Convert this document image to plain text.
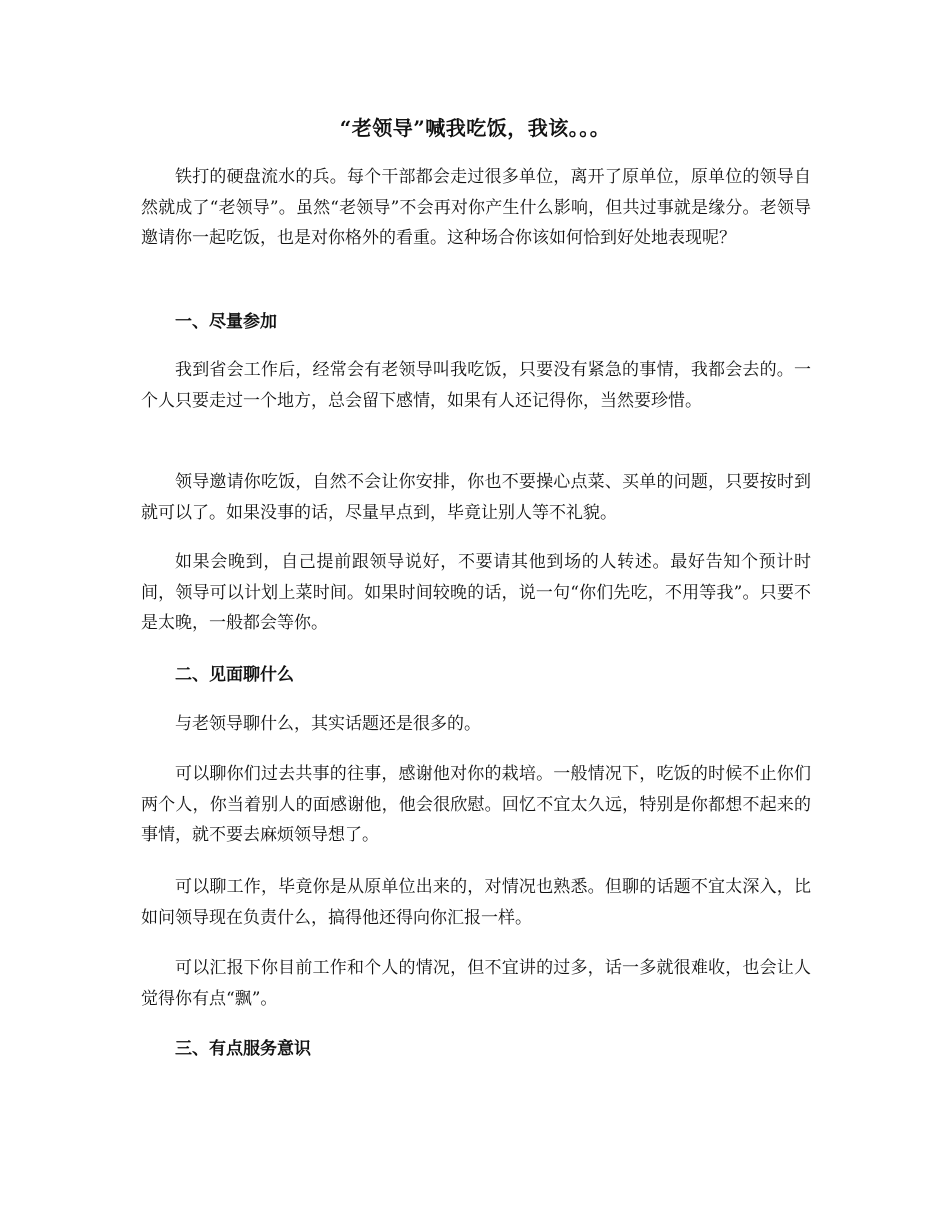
“老领导”喊我吃饭，我该。。。

铁打的硬盘流水的兵。每个干部都会走过很多单位，离开了原单位，原单位的领导自然就成了“老领导”。虽然“老领导”不会再对你产生什么影响，但共过事就是缘分。老领导邀请你一起吃饭，也是对你格外的看重。这种场合你该如何恰到好处地表现呢？

一、尽量参加

我到省会工作后，经常会有老领导叫我吃饭，只要没有紧急的事情，我都会去的。一个人只要走过一个地方，总会留下感情，如果有人还记得你，当然要珍惜。

领导邀请你吃饭，自然不会让你安排，你也不要操心点菜、买单的问题，只要按时到就可以了。如果没事的话，尽量早点到，毕竟让别人等不礼貌。

如果会晚到，自己提前跟领导说好，不要请其他到场的人转述。最好告知个预计时间，领导可以计划上菜时间。如果时间较晚的话，说一句“你们先吃，不用等我”。只要不是太晚，一般都会等你。

二、见面聊什么

与老领导聊什么，其实话题还是很多的。

可以聊你们过去共事的往事，感谢他对你的栽培。一般情况下，吃饭的时候不止你们两个人，你当着别人的面感谢他，他会很欣慰。回忆不宜太久远，特别是你都想不起来的事情，就不要去麻烦领导想了。

可以聊工作，毕竟你是从原单位出来的，对情况也熟悉。但聊的话题不宜太深入，比如问领导现在负责什么，搞得他还得向你汇报一样。

可以汇报下你目前工作和个人的情况，但不宜讲的过多，话一多就很难收，也会让人觉得你有点“飘”。

三、有点服务意识
